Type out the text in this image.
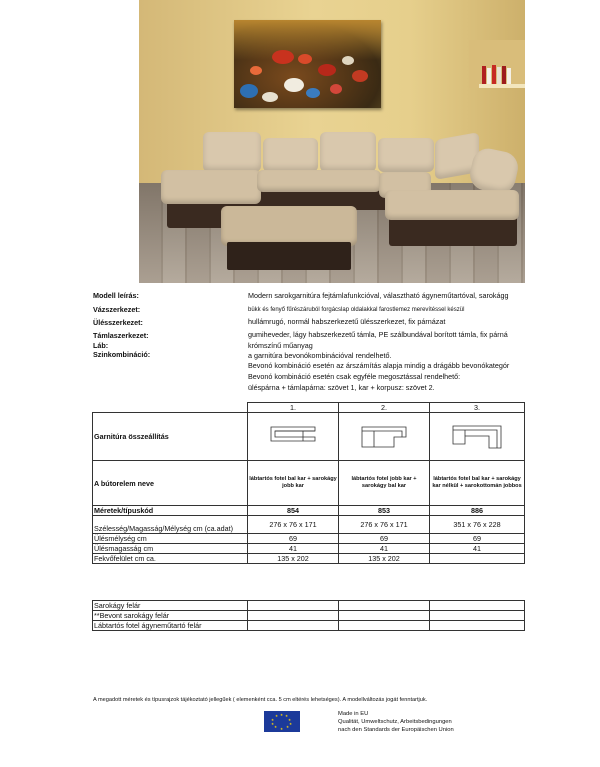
Modell leírás:	Modern sarokgarnitúra fejtámlafunkcióval, választható ágyneműtartóval, sarokágg
Vázszerkezet:	bükk és fenyő fűrészáruból forgácslap oldalakkal farostlemez merevítéssel készül
Ülésszerkezet:	hullámrugó, normál habszerkezetű ülésszerkezet, fix párnázat
Támlaszerkezet:	gumiheveder, lágy habszerkezetű támla, PE szálbundával borított támla, fix párná
Láb:	krómszínű műanyag
Szinkombináció:	a garnitúra bevonókombinációval rendelhető.
Bevonó kombináció esetén az árszámítás alapja mindig a drágább bevonókategór
Bevonó kombináció esetén csak egyféle megosztással rendelhető:
üléspárna + támlapárna: szövet 1, kar + korpusz: szövet 2.
	1.	2.	3.
Garnitúra összeállítás	

A bútorelem neve	lábtartós fotel bal kar + sarokágy jobb kar	lábtartós fotel jobb kar + sarokágy bal kar	lábtartós fotel bal kar + sarokágy kar nélkül + sarokottomán jobbos
Méretek/típuskód	854	853	886
Szélesség/Magasság/Mélység cm (ca.adat)	276 x 76 x 171	276 x 76 x 171	351 x 76 x 228
Ülésmélység cm	69	69	69
Ülésmagasság cm	41	41	41
Fekvőfelület cm ca.	135 x 202	135 x 202	
Sarokágy felár			
**Bevont sarokágy felár			
Lábtartós fotel ágyneműtartó felár			
A megadott méretek és típusrajzok tájékoztató jellegűek ( elemenként cca. 5 cm eltérés lehetséges). A modellváltozás jogát fenntartjuk.
★ ★
★
★
★
★
★
★
★
★	Made in EU
Qualität, Umweltschutz, Arbeitsbedingungen
nach den Standards der Europäischen Union
